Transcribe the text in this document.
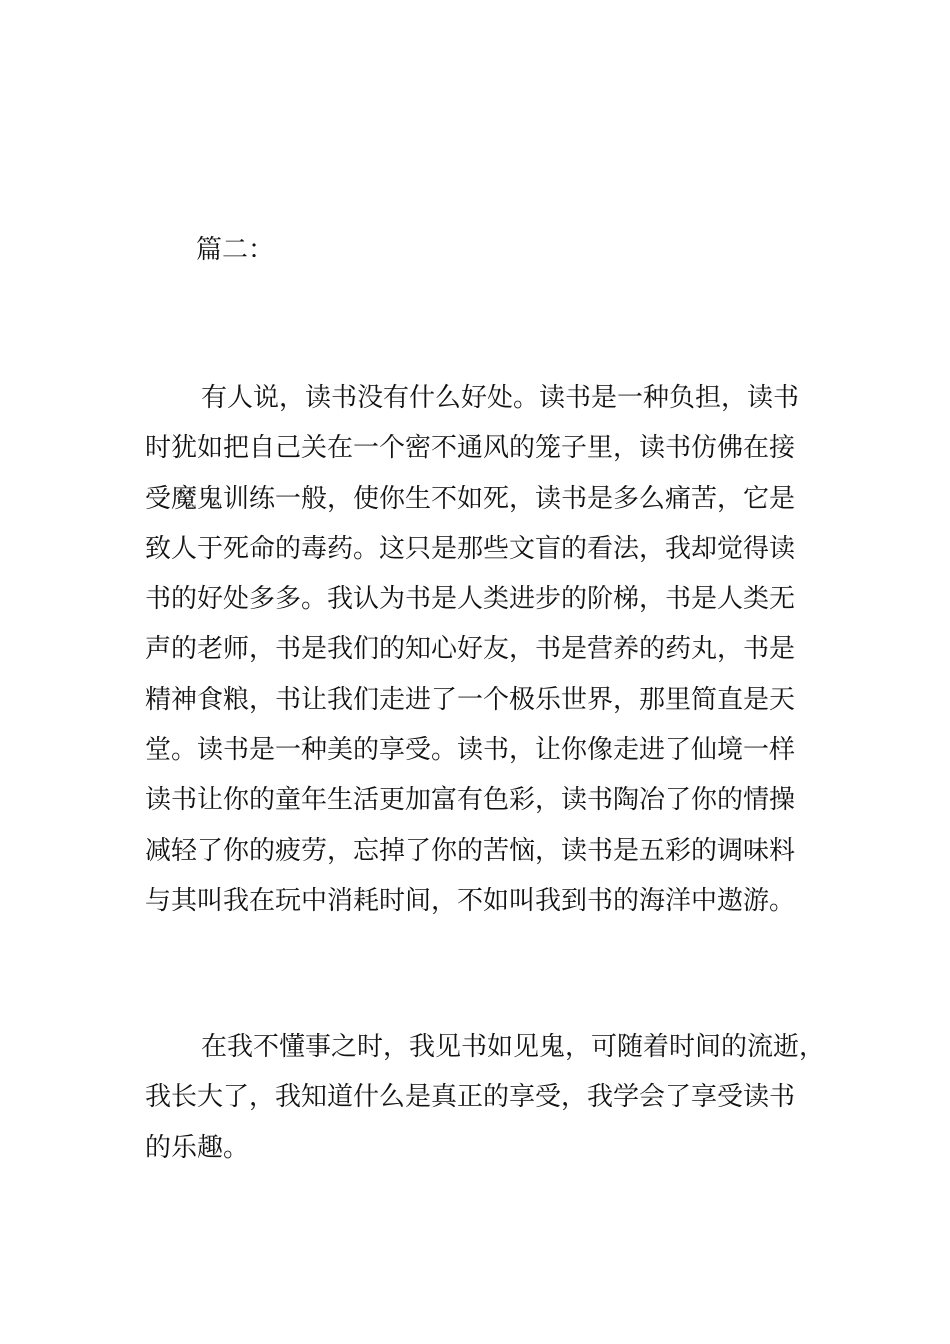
篇二：
有人说，读书没有什么好处。读书是一种负担，读书
时犹如把自己关在一个密不通风的笼子里，读书仿佛在接
受魔鬼训练一般，使你生不如死，读书是多么痛苦，它是
致人于死命的毒药。这只是那些文盲的看法，我却觉得读
书的好处多多。我认为书是人类进步的阶梯，书是人类无
声的老师，书是我们的知心好友，书是营养的药丸，书是
精神食粮，书让我们走进了一个极乐世界，那里简直是天
堂。读书是一种美的享受。读书，让你像走进了仙境一样
读书让你的童年生活更加富有色彩，读书陶冶了你的情操
减轻了你的疲劳，忘掉了你的苦恼，读书是五彩的调味料
与其叫我在玩中消耗时间，不如叫我到书的海洋中遨游。
在我不懂事之时，我见书如见鬼，可随着时间的流逝，
我长大了，我知道什么是真正的享受，我学会了享受读书
的乐趣。
